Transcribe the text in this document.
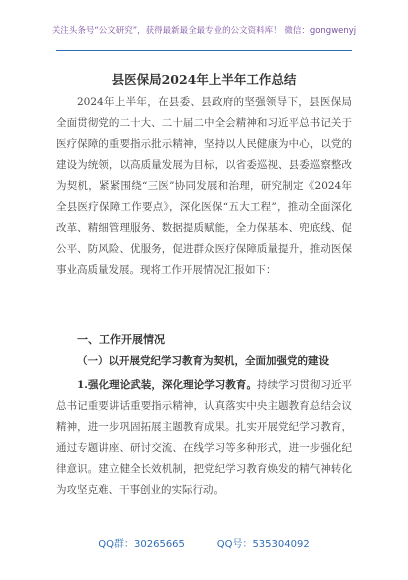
关注头条号“公文研究”，获得最新最全最专业的公文资料库！ 微信：gongwenyj
县医保局2024年上半年工作总结
2024年上半年，在县委、县政府的坚强领导下，县医保局全面贯彻党的二十大、二十届二中全会精神和习近平总书记关于医疗保障的重要指示批示精神，坚持以人民健康为中心，以党的建设为统领，以高质量发展为目标，以省委巡视、县委巡察整改为契机，紧紧围绕“三医”协同发展和治理，研究制定《2024年全县医疗保障工作要点》，深化医保“五大工程”，推动全面深化改革、精细管理服务、数据提质赋能，全力保基本、兜底线、促公平、防风险、优服务，促进群众医疗保障质量提升，推动医保事业高质量发展。现将工作开展情况汇报如下：
一、工作开展情况
（一）以开展党纪学习教育为契机，全面加强党的建设
1.强化理论武装，深化理论学习教育。持续学习贯彻习近平总书记重要讲话重要指示精神，认真落实中央主题教育总结会议精神，进一步巩固拓展主题教育成果。扎实开展党纪学习教育，通过专题讲座、研讨交流、在线学习等多种形式，进一步强化纪律意识。建立健全长效机制，把党纪学习教育焕发的精气神转化为攻坚克难、干事创业的实际行动。
QQ群：30265665	QQ号：535304092
